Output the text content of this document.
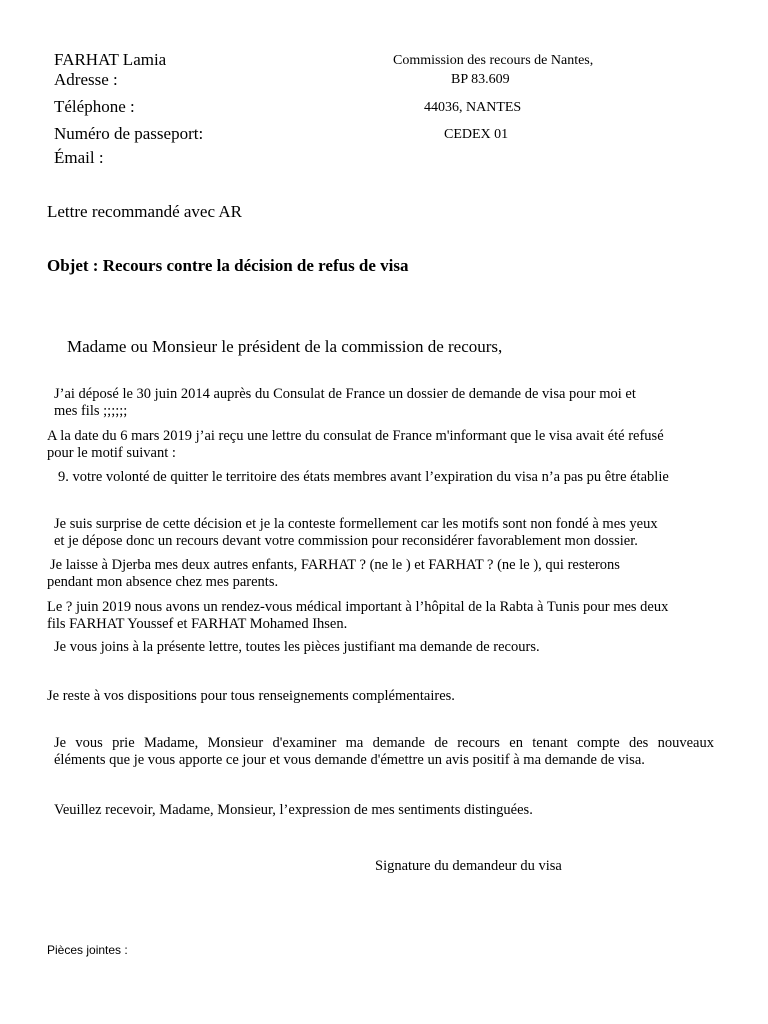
FARHAT Lamia
Adresse :
Téléphone :
Numéro de passeport:
Émail :
Commission des recours de Nantes,
BP 83.609
44036, NANTES
CEDEX 01
Lettre recommandé avec AR
Objet : Recours contre la décision de refus de visa
Madame ou Monsieur le président de la commission de recours,
J’ai déposé le 30 juin 2014 auprès du Consulat de France un dossier de demande de visa pour moi et
mes fils ;;;;;;
A la date du 6 mars 2019 j’ai reçu une lettre du consulat de France m'informant que le visa avait été refusé
pour le motif suivant :
9. votre volonté de quitter le territoire des états membres avant l’expiration du visa n’a pas pu être établie
Je suis surprise de cette décision et je la conteste formellement car les motifs sont non fondé à mes yeux
et je dépose donc un recours devant votre commission pour reconsidérer favorablement mon dossier.
Je laisse à Djerba mes deux autres enfants, FARHAT ? (ne le ) et FARHAT ? (ne le ), qui resterons
pendant mon absence chez mes parents.
Le ? juin 2019 nous avons un rendez-vous médical important à l’hôpital de la Rabta à Tunis pour mes deux
fils FARHAT Youssef et FARHAT Mohamed Ihsen.
Je vous joins à la présente lettre, toutes les pièces justifiant ma demande de recours.
Je reste à vos dispositions pour tous renseignements complémentaires.
Je vous prie Madame, Monsieur d'examiner ma demande de recours en tenant compte des nouveaux
éléments que je vous apporte ce jour et vous demande d'émettre un avis positif à ma demande de visa.
Veuillez recevoir, Madame, Monsieur, l’expression de mes sentiments distinguées.
Signature du demandeur du visa
Pièces jointes :
